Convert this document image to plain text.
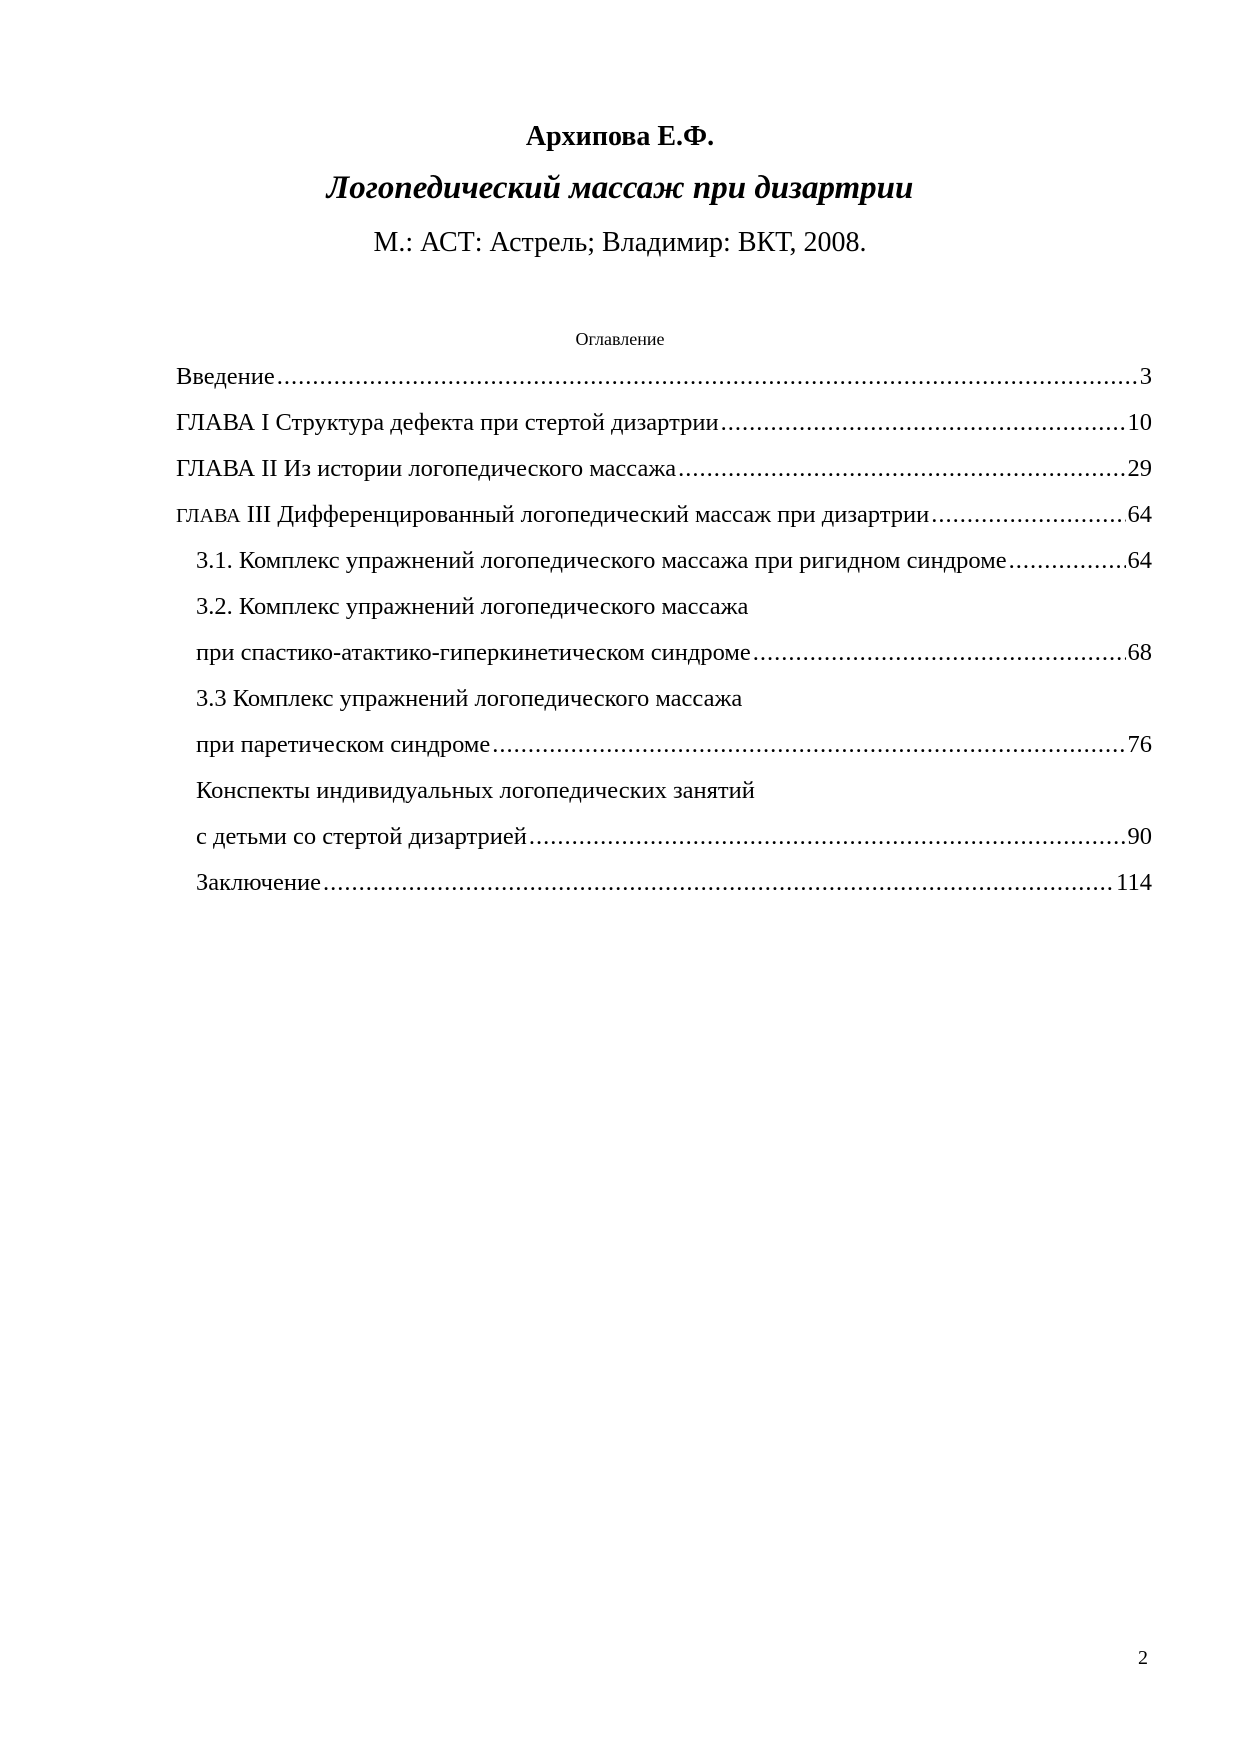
Архипова Е.Ф.
Логопедический массаж при дизартрии
М.: АСТ: Астрель; Владимир: ВКТ, 2008.
Оглавление
Введение .....	3
ГЛАВА I Структура дефекта при стертой дизартрии .....	10
ГЛАВА II Из истории логопедического массажа .....	29
ГЛАВА III Дифференцированный логопедический массаж при дизартрии .....	64
3.1. Комплекс упражнений логопедического массажа при ригидном синдроме .....	64
3.2. Комплекс упражнений логопедического массажа
при спастико-атактико-гиперкинетическом синдроме .....	68
3.3 Комплекс упражнений логопедического массажа
при паретическом синдроме .....	76
Конспекты индивидуальных логопедических занятий
с детьми со стертой дизартрией .....	90
Заключение .....	114
2
